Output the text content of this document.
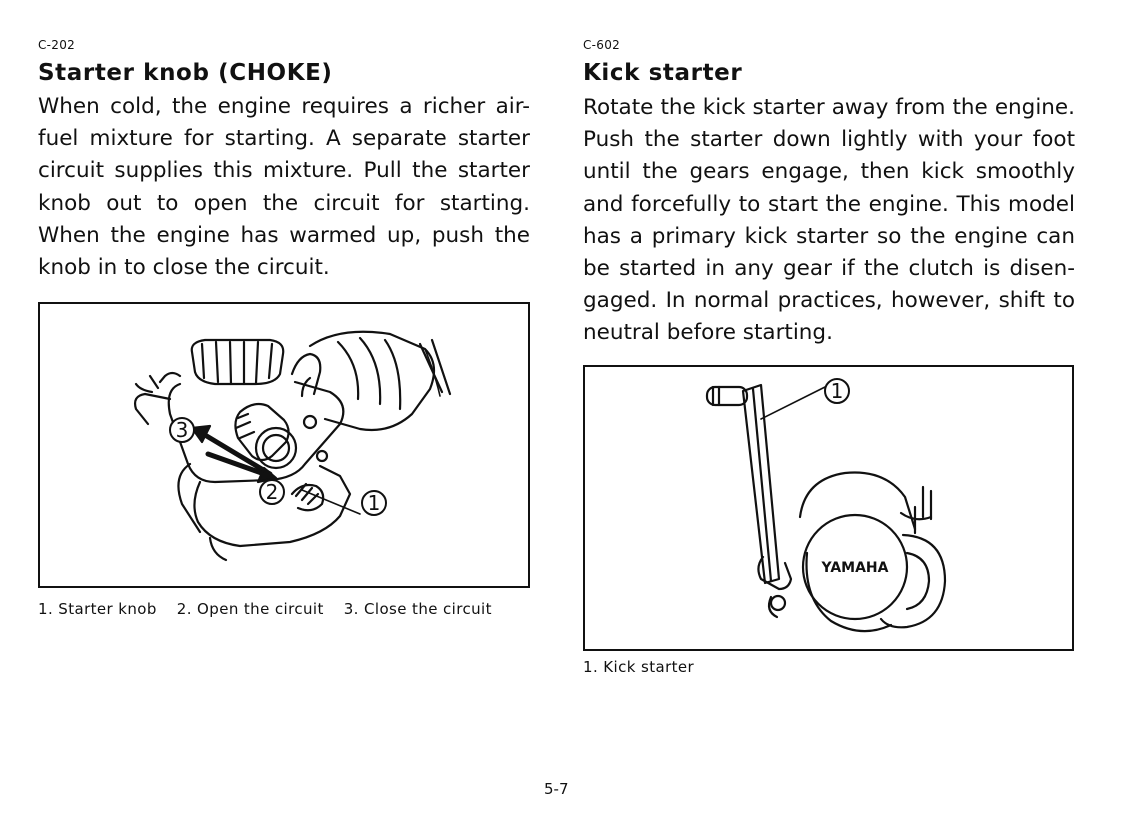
C-202
Starter knob (CHOKE)

When cold, the engine requires a richer air-fuel mixture for starting. A separate starter circuit supplies this mixture. Pull the starter knob out to open the circuit for starting. When the engine has warmed up, push the knob in to close the circuit.

3
2	1
1. Starter knob 2. Open the circuit 3. Close the circuit
C-602
Kick starter

Rotate the kick starter away from the engine. Push the starter down lightly with your foot until the gears engage, then kick smoothly and forcefully to start the engine. This model has a primary kick starter so the engine can be started in any gear if the clutch is disen-gaged. In normal practices, however, shift to neutral before starting.

YAMAHA
1
1. Kick starter
5-7
